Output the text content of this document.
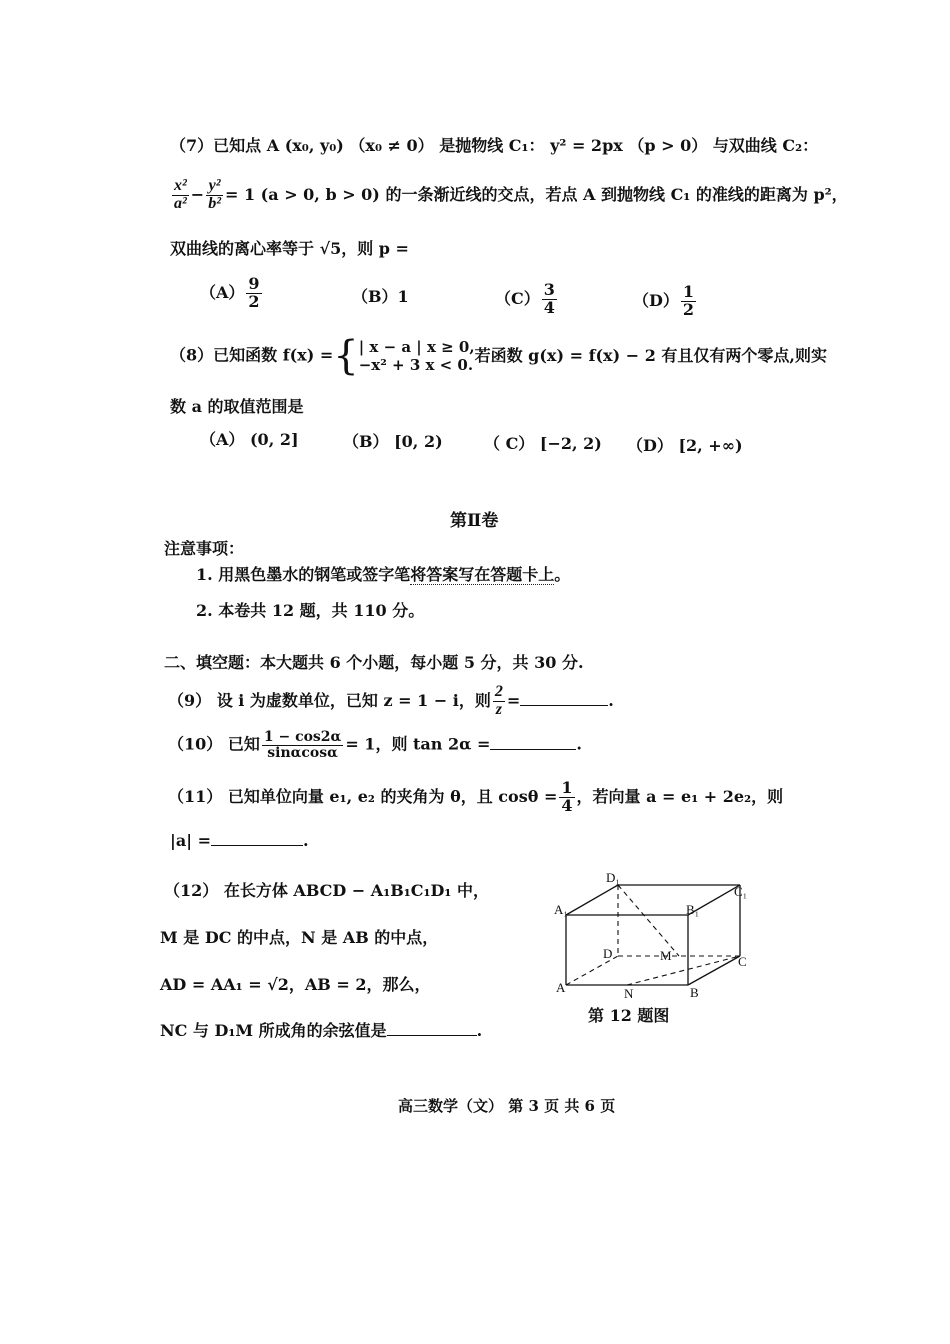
（7）已知点 A (x₀, y₀) （x₀ ≠ 0） 是抛物线 C₁： y² = 2px （p > 0） 与双曲线 C₂：
$\frac{\text{x²}}{\text{a²}} - \frac{\text{y²}}{\text{b²}} = 1$ (a > 0, b > 0) 的一条渐近线的交点，若点 A 到抛物线 C₁ 的准线的距离为 p²，
双曲线的离心率等于 √5，则 p =
$(A) \frac{9}{2}$	（B）1	$(C) \frac{3}{4}$	$(D) \frac{1}{2}$
（8）已知函数 f(x) ={ | x − a | x ≥ 0,
−x² + 3 x < 0.
若函数 g(x) = f(x) − 2 有且仅有两个零点,则实
数 a 的取值范围是
（A） (0, 2]	（B） [0, 2)	（ C） [−2, 2) （D） [2, +∞)
第Ⅱ卷
注意事项：
1. 用黑色墨水的钢笔或签字笔将答案写在答题卡上。
2. 本卷共 12 题，共 110 分。
二、填空题：本大题共 6 个小题，每小题 5 分，共 30 分.
（9） 设 i 为虚数单位，已知 z = 1 − i，则 $\frac{2}{z}$ =	.
（10） 已知 $\frac{1 - \cos 2\alpha}{\sin\alpha\cos\alpha} = 1$，则 tan 2α =	.
（11） 已知单位向量 e₁, e₂ 的夹角为 θ，且 $\cos\theta = \frac{1}{4}$ ，若向量 a = e₁ + 2e₂，则
|a| =	.
（12） 在长方体 ABCD − A₁B₁C₁D₁ 中，
M 是 DC 的中点，N 是 AB 的中点，
AD = AA₁ = √2，AB = 2，那么，
NC 与 D₁M 所成角的余弦值是	.
D₁
C₁
A₁	B₁
D	M	C
A	N	B
第 12 题图
高三数学（文） 第 3 页 共 6 页
